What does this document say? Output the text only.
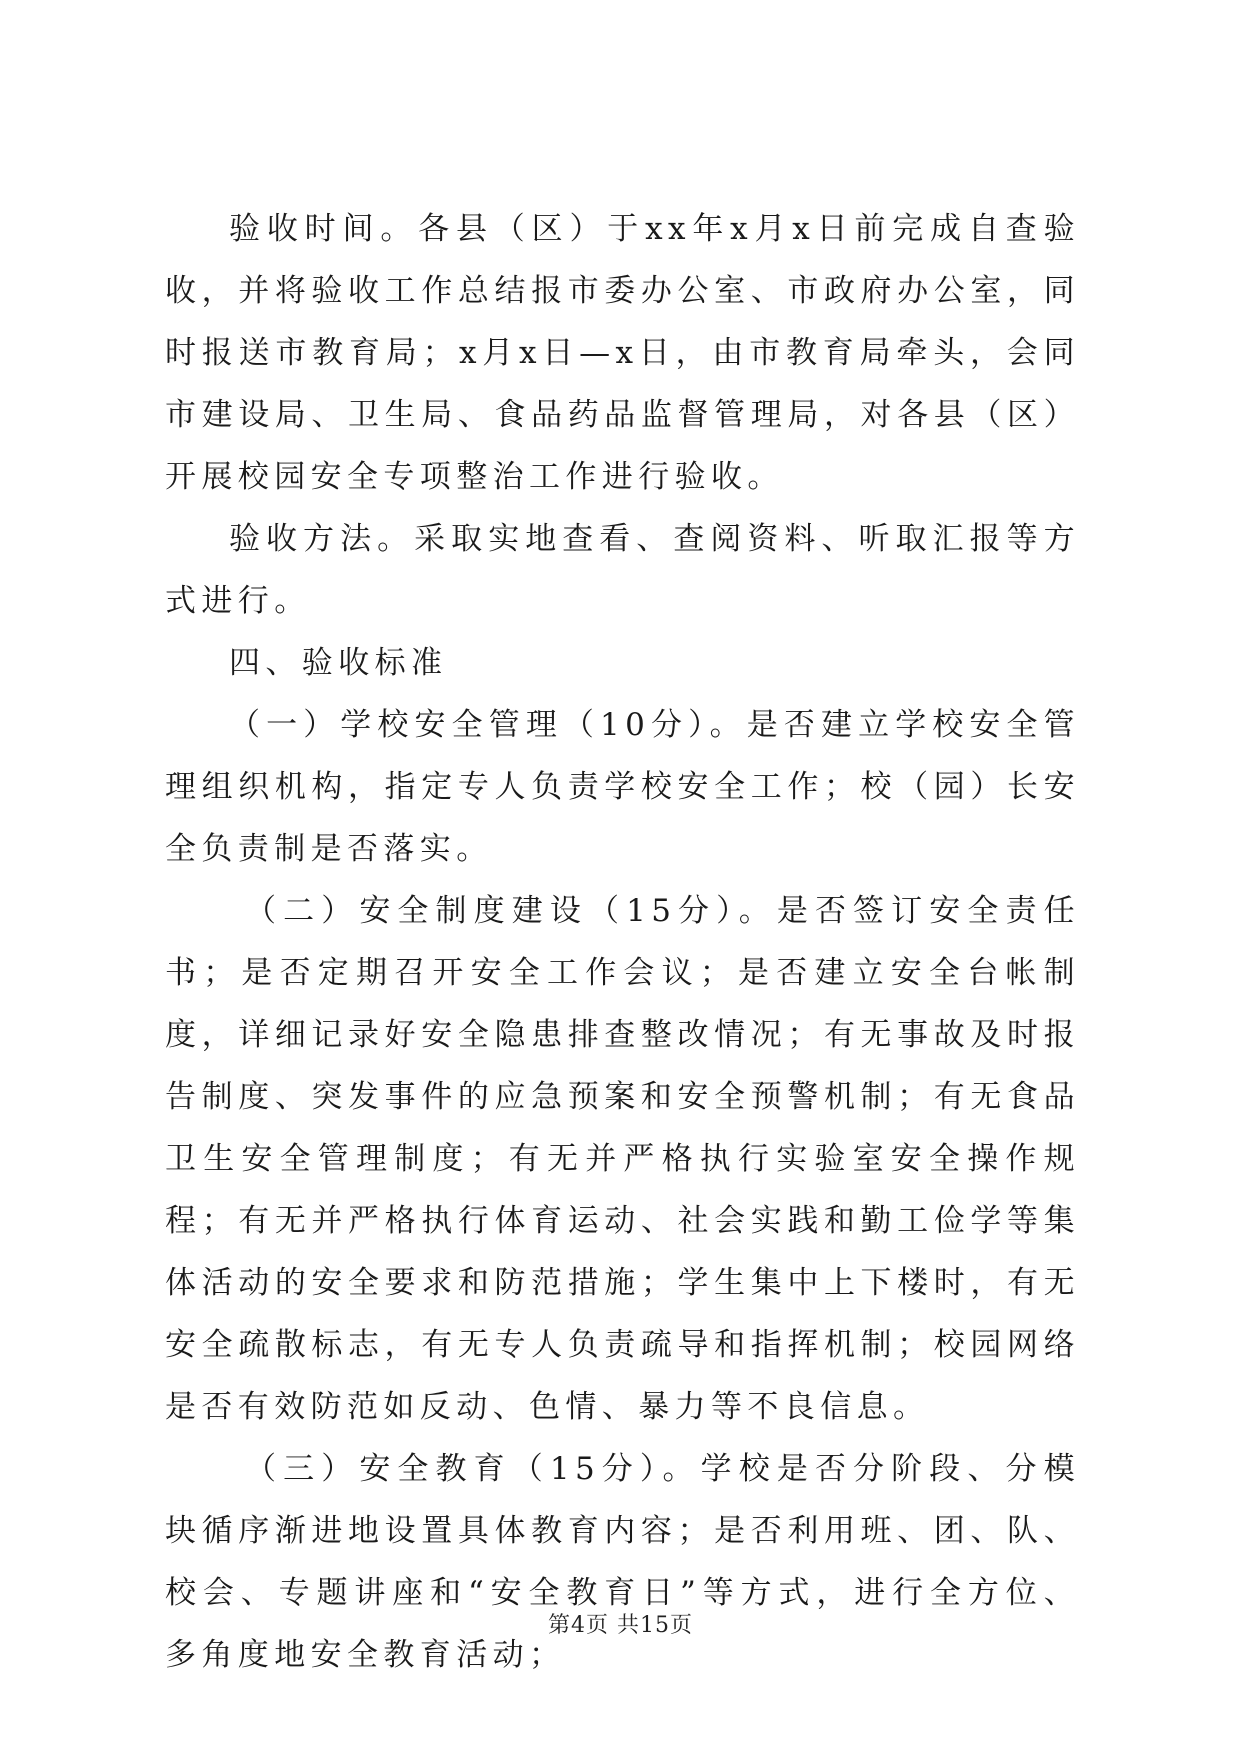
验收时间。各县（区）于xx年x月x日前完成自查验收，并将验收工作总结报市委办公室、市政府办公室，同时报送市教育局；x月x日—x日，由市教育局牵头，会同市建设局、卫生局、食品药品监督管理局，对各县（区）开展校园安全专项整治工作进行验收。

验收方法。采取实地查看、查阅资料、听取汇报等方式进行。

四、验收标准

（一）学校安全管理（10分）。是否建立学校安全管理组织机构，指定专人负责学校安全工作；校（园）长安全负责制是否落实。

（二）安全制度建设（15分）。是否签订安全责任书；是否定期召开安全工作会议；是否建立安全台帐制度，详细记录好安全隐患排查整改情况；有无事故及时报告制度、突发事件的应急预案和安全预警机制；有无食品卫生安全管理制度；有无并严格执行实验室安全操作规程；有无并严格执行体育运动、社会实践和勤工俭学等集体活动的安全要求和防范措施；学生集中上下楼时，有无安全疏散标志，有无专人负责疏导和指挥机制；校园网络是否有效防范如反动、色情、暴力等不良信息。

（三）安全教育（15分）。学校是否分阶段、分模块循序渐进地设置具体教育内容；是否利用班、团、队、校会、专题讲座和“安全教育日”等方式，进行全方位、多角度地安全教育活动；

第4页 共15页
